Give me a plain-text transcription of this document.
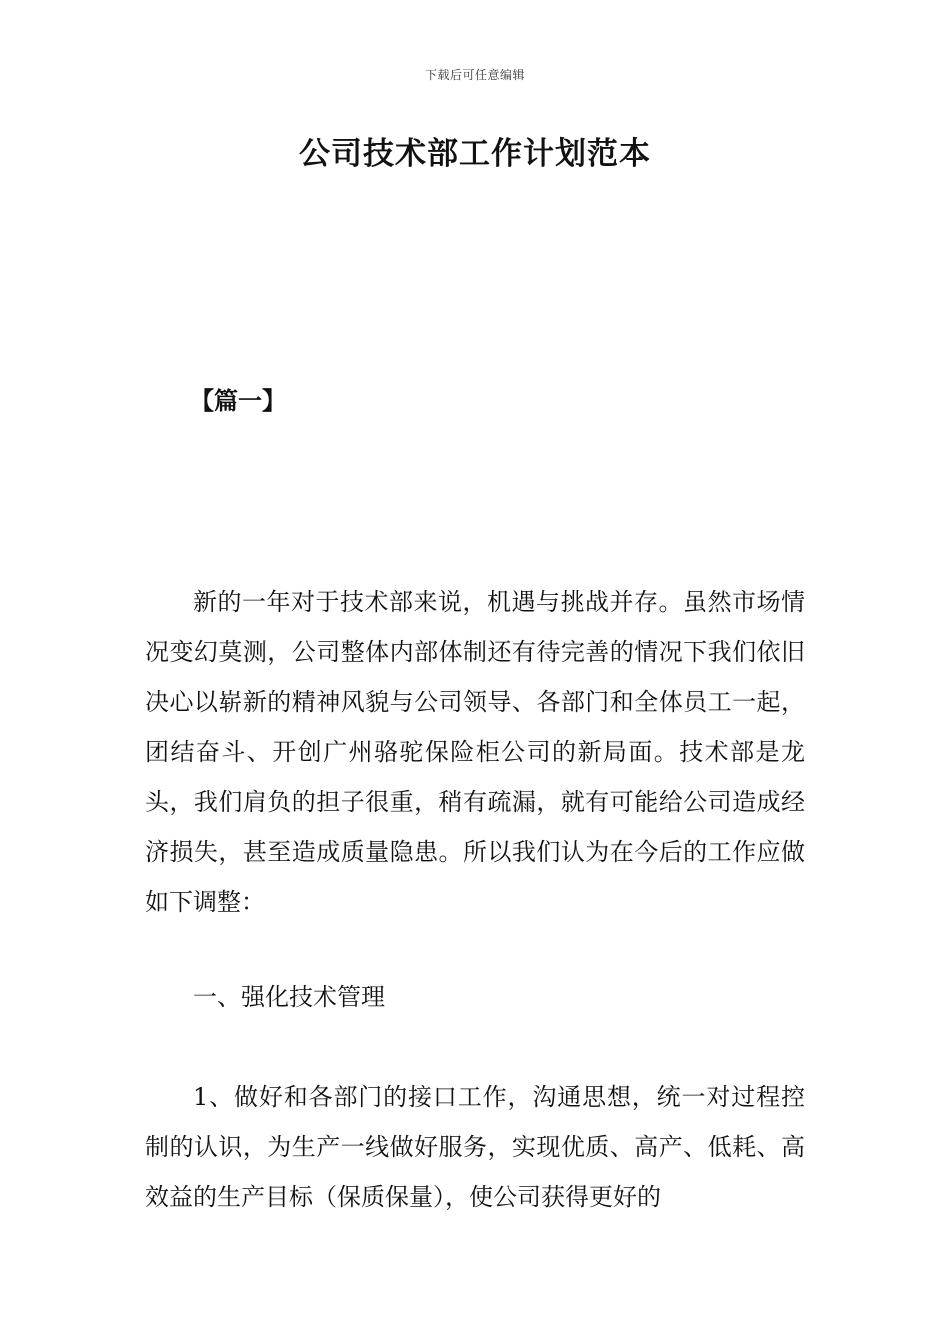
下载后可任意编辑
公司技术部工作计划范本
【篇一】

新的一年对于技术部来说，机遇与挑战并存。虽然市场情况变幻莫测，公司整体内部体制还有待完善的情况下我们依旧决心以崭新的精神风貌与公司领导、各部门和全体员工一起，团结奋斗、开创广州骆驼保险柜公司的新局面。技术部是龙头，我们肩负的担子很重，稍有疏漏，就有可能给公司造成经济损失，甚至造成质量隐患。所以我们认为在今后的工作应做如下调整：

一、强化技术管理

1、做好和各部门的接口工作，沟通思想，统一对过程控制的认识，为生产一线做好服务，实现优质、高产、低耗、高效益的生产目标（保质保量），使公司获得更好的
